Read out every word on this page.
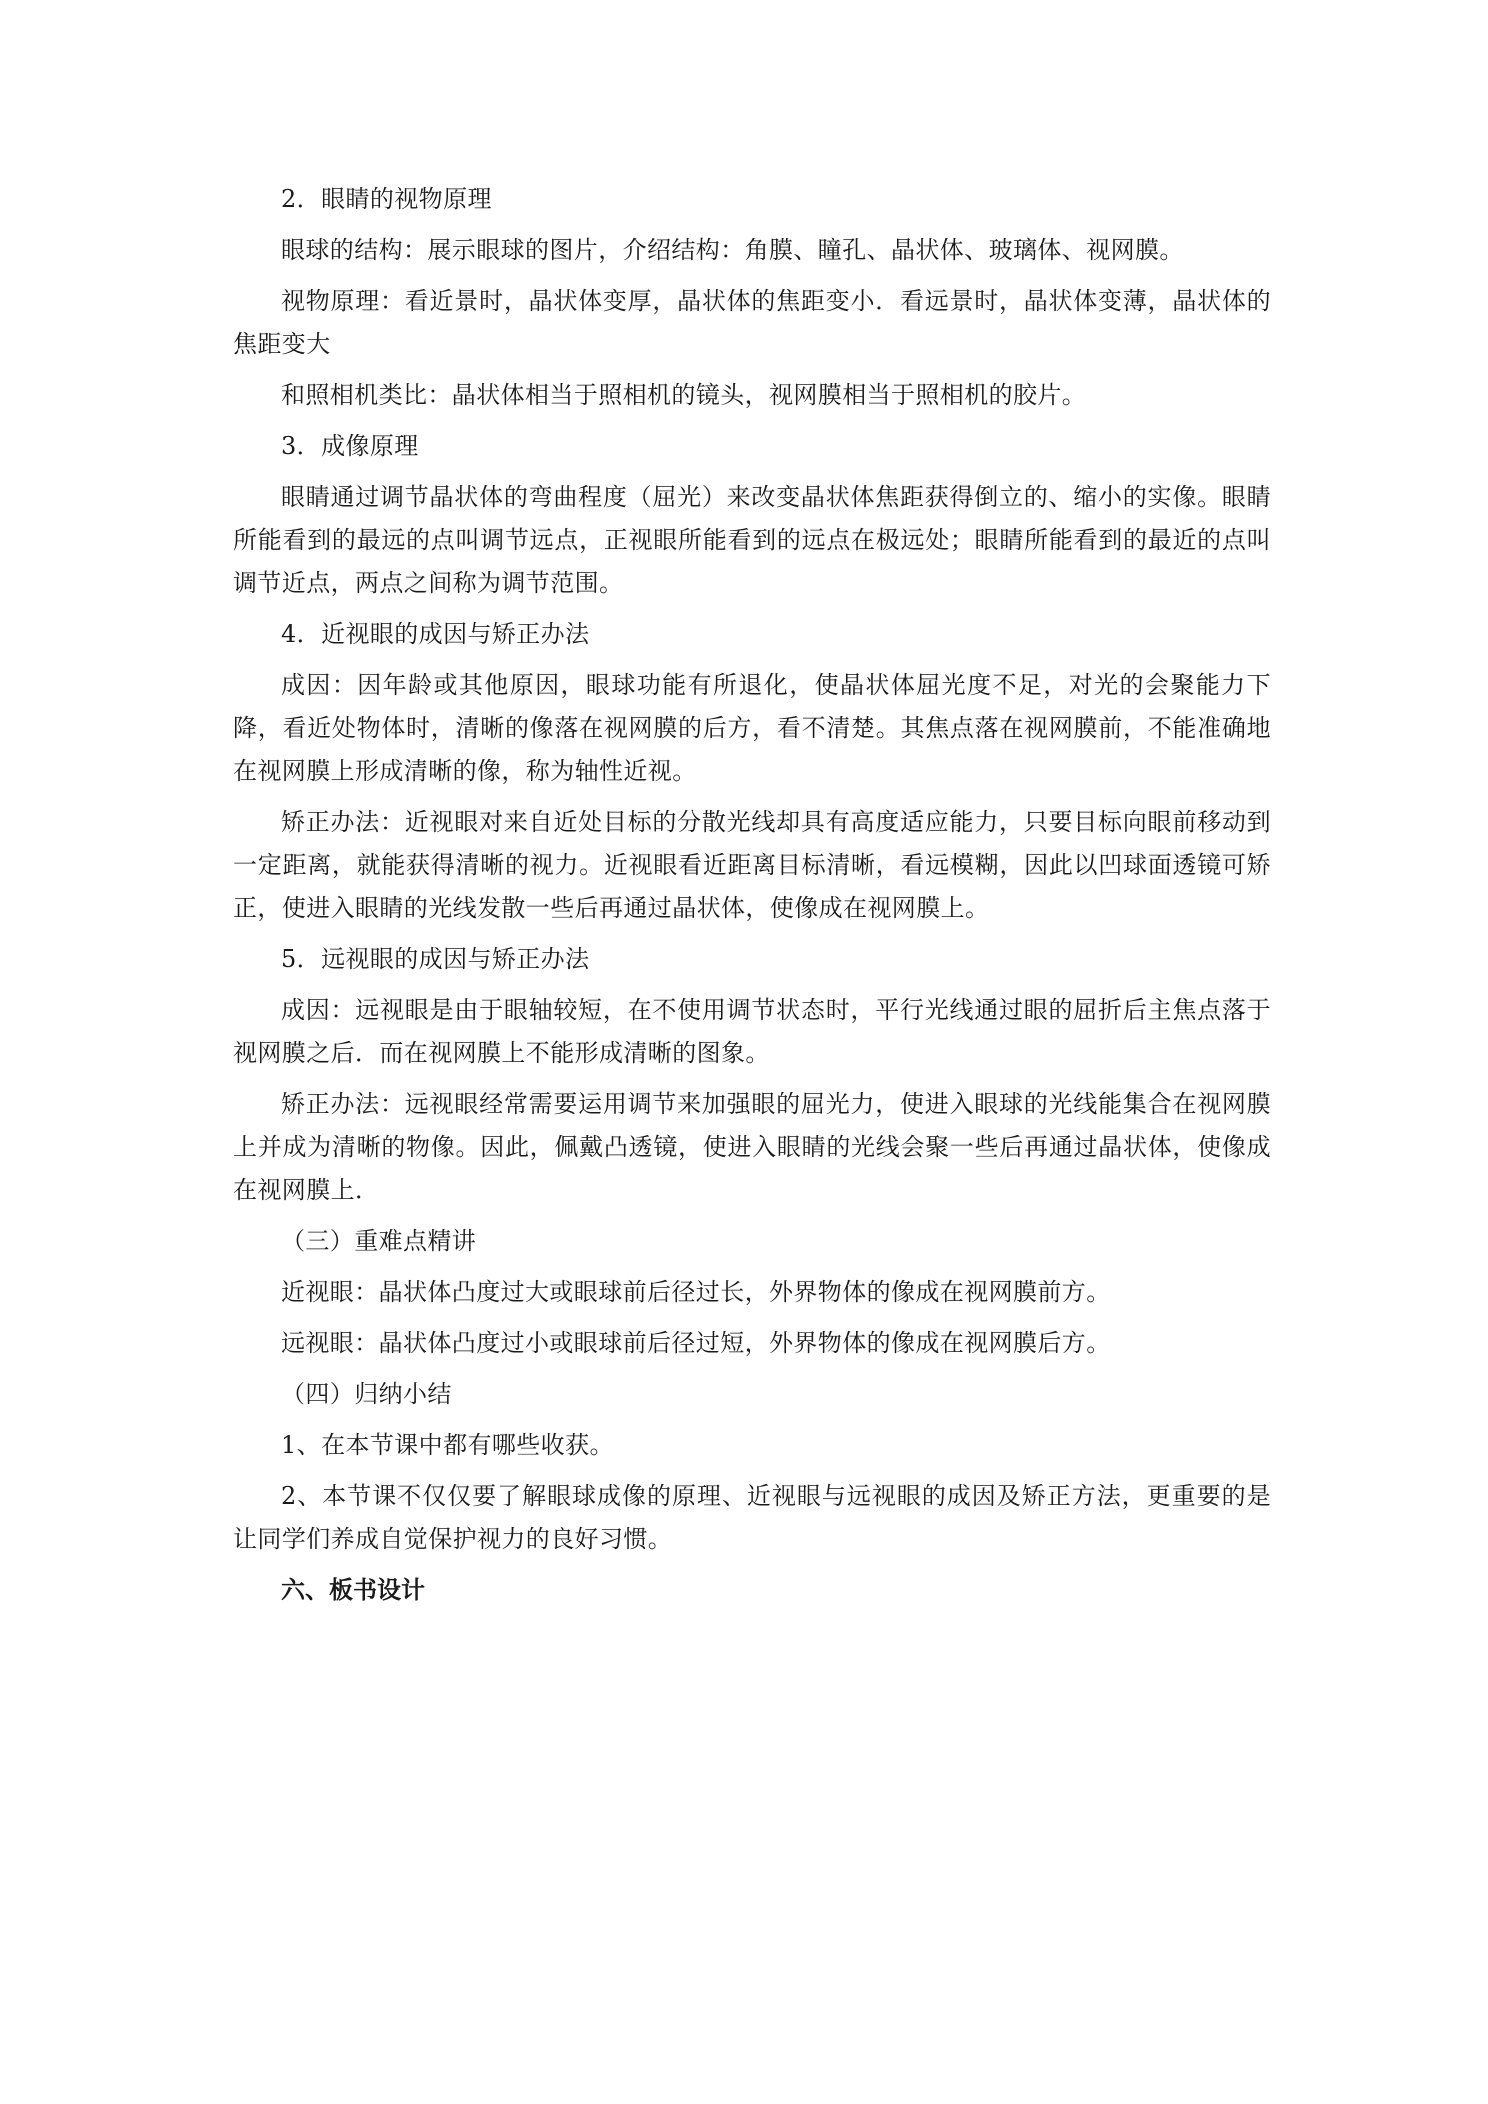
2．眼睛的视物原理

眼球的结构：展示眼球的图片，介绍结构：角膜、瞳孔、晶状体、玻璃体、视网膜。

视物原理：看近景时，晶状体变厚，晶状体的焦距变小．看远景时，晶状体变薄，晶状体的焦距变大

和照相机类比：晶状体相当于照相机的镜头，视网膜相当于照相机的胶片。

3．成像原理

眼睛通过调节晶状体的弯曲程度（屈光）来改变晶状体焦距获得倒立的、缩小的实像。眼睛所能看到的最远的点叫调节远点，正视眼所能看到的远点在极远处；眼睛所能看到的最近的点叫调节近点，两点之间称为调节范围。

4．近视眼的成因与矫正办法

成因：因年龄或其他原因，眼球功能有所退化，使晶状体屈光度不足，对光的会聚能力下降，看近处物体时，清晰的像落在视网膜的后方，看不清楚。其焦点落在视网膜前，不能准确地在视网膜上形成清晰的像，称为轴性近视。

矫正办法：近视眼对来自近处目标的分散光线却具有高度适应能力，只要目标向眼前移动到一定距离，就能获得清晰的视力。近视眼看近距离目标清晰，看远模糊，因此以凹球面透镜可矫正，使进入眼睛的光线发散一些后再通过晶状体，使像成在视网膜上。

5．远视眼的成因与矫正办法

成因：远视眼是由于眼轴较短，在不使用调节状态时，平行光线通过眼的屈折后主焦点落于视网膜之后．而在视网膜上不能形成清晰的图象。

矫正办法：远视眼经常需要运用调节来加强眼的屈光力，使进入眼球的光线能集合在视网膜上并成为清晰的物像。因此，佩戴凸透镜，使进入眼睛的光线会聚一些后再通过晶状体，使像成在视网膜上．

（三）重难点精讲

近视眼：晶状体凸度过大或眼球前后径过长，外界物体的像成在视网膜前方。

远视眼：晶状体凸度过小或眼球前后径过短，外界物体的像成在视网膜后方。

（四）归纳小结

1、在本节课中都有哪些收获。

2、本节课不仅仅要了解眼球成像的原理、近视眼与远视眼的成因及矫正方法，更重要的是让同学们养成自觉保护视力的良好习惯。

六、板书设计
